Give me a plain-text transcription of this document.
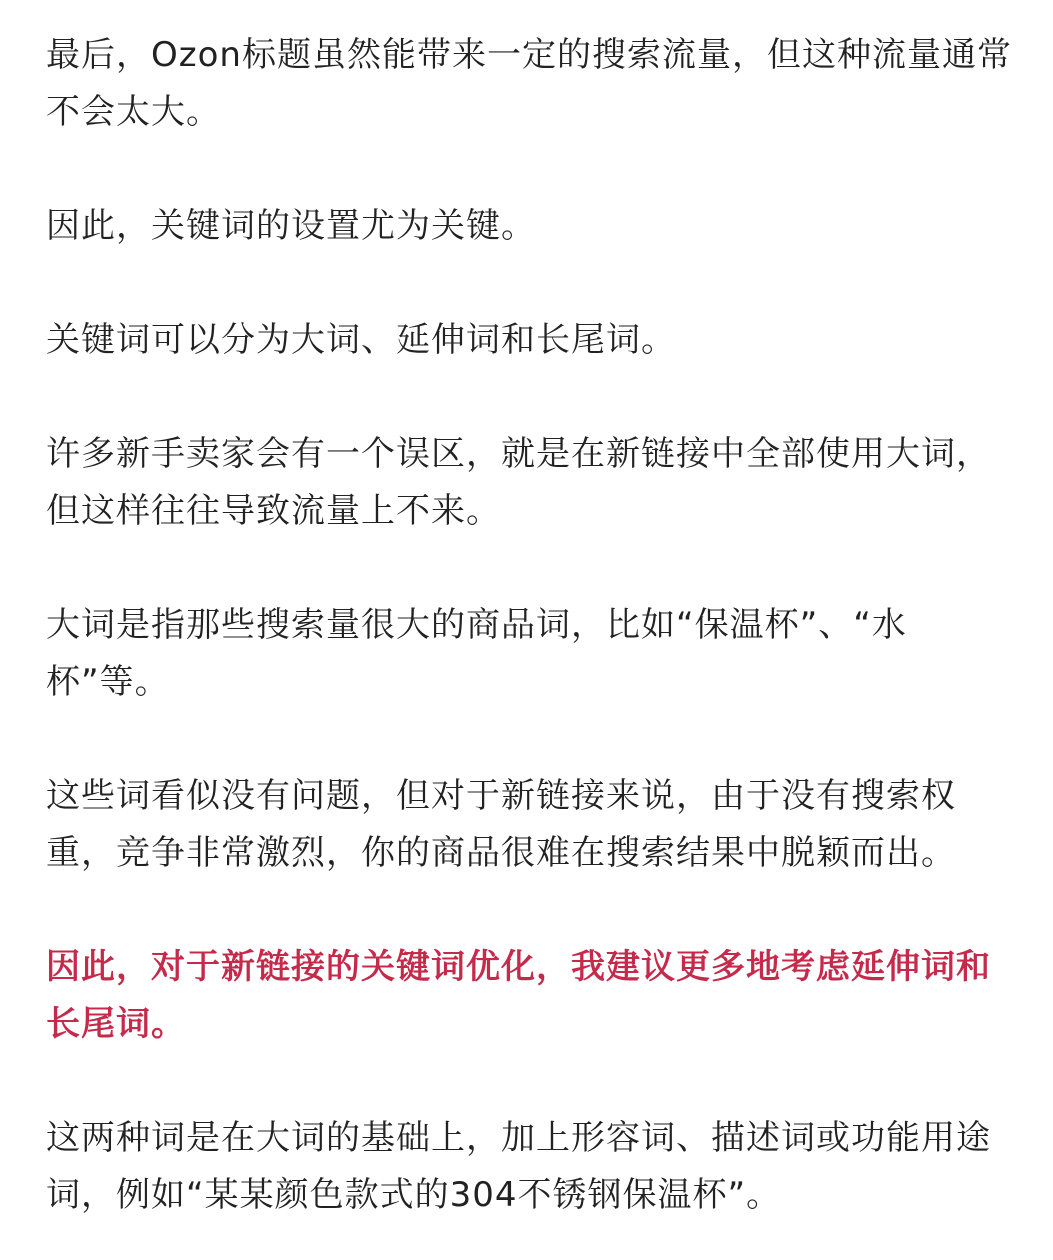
最后，Ozon标题虽然能带来一定的搜索流量，但这种流量通常不会太大。

因此，关键词的设置尤为关键。

关键词可以分为大词、延伸词和长尾词。

许多新手卖家会有一个误区，就是在新链接中全部使用大词，但这样往往导致流量上不来。

大词是指那些搜索量很大的商品词，比如“保温杯”、“水杯”等。

这些词看似没有问题，但对于新链接来说，由于没有搜索权重，竞争非常激烈，你的商品很难在搜索结果中脱颖而出。

因此，对于新链接的关键词优化，我建议更多地考虑延伸词和长尾词。

这两种词是在大词的基础上，加上形容词、描述词或功能用途词，例如“某某颜色款式的304不锈钢保温杯”。
